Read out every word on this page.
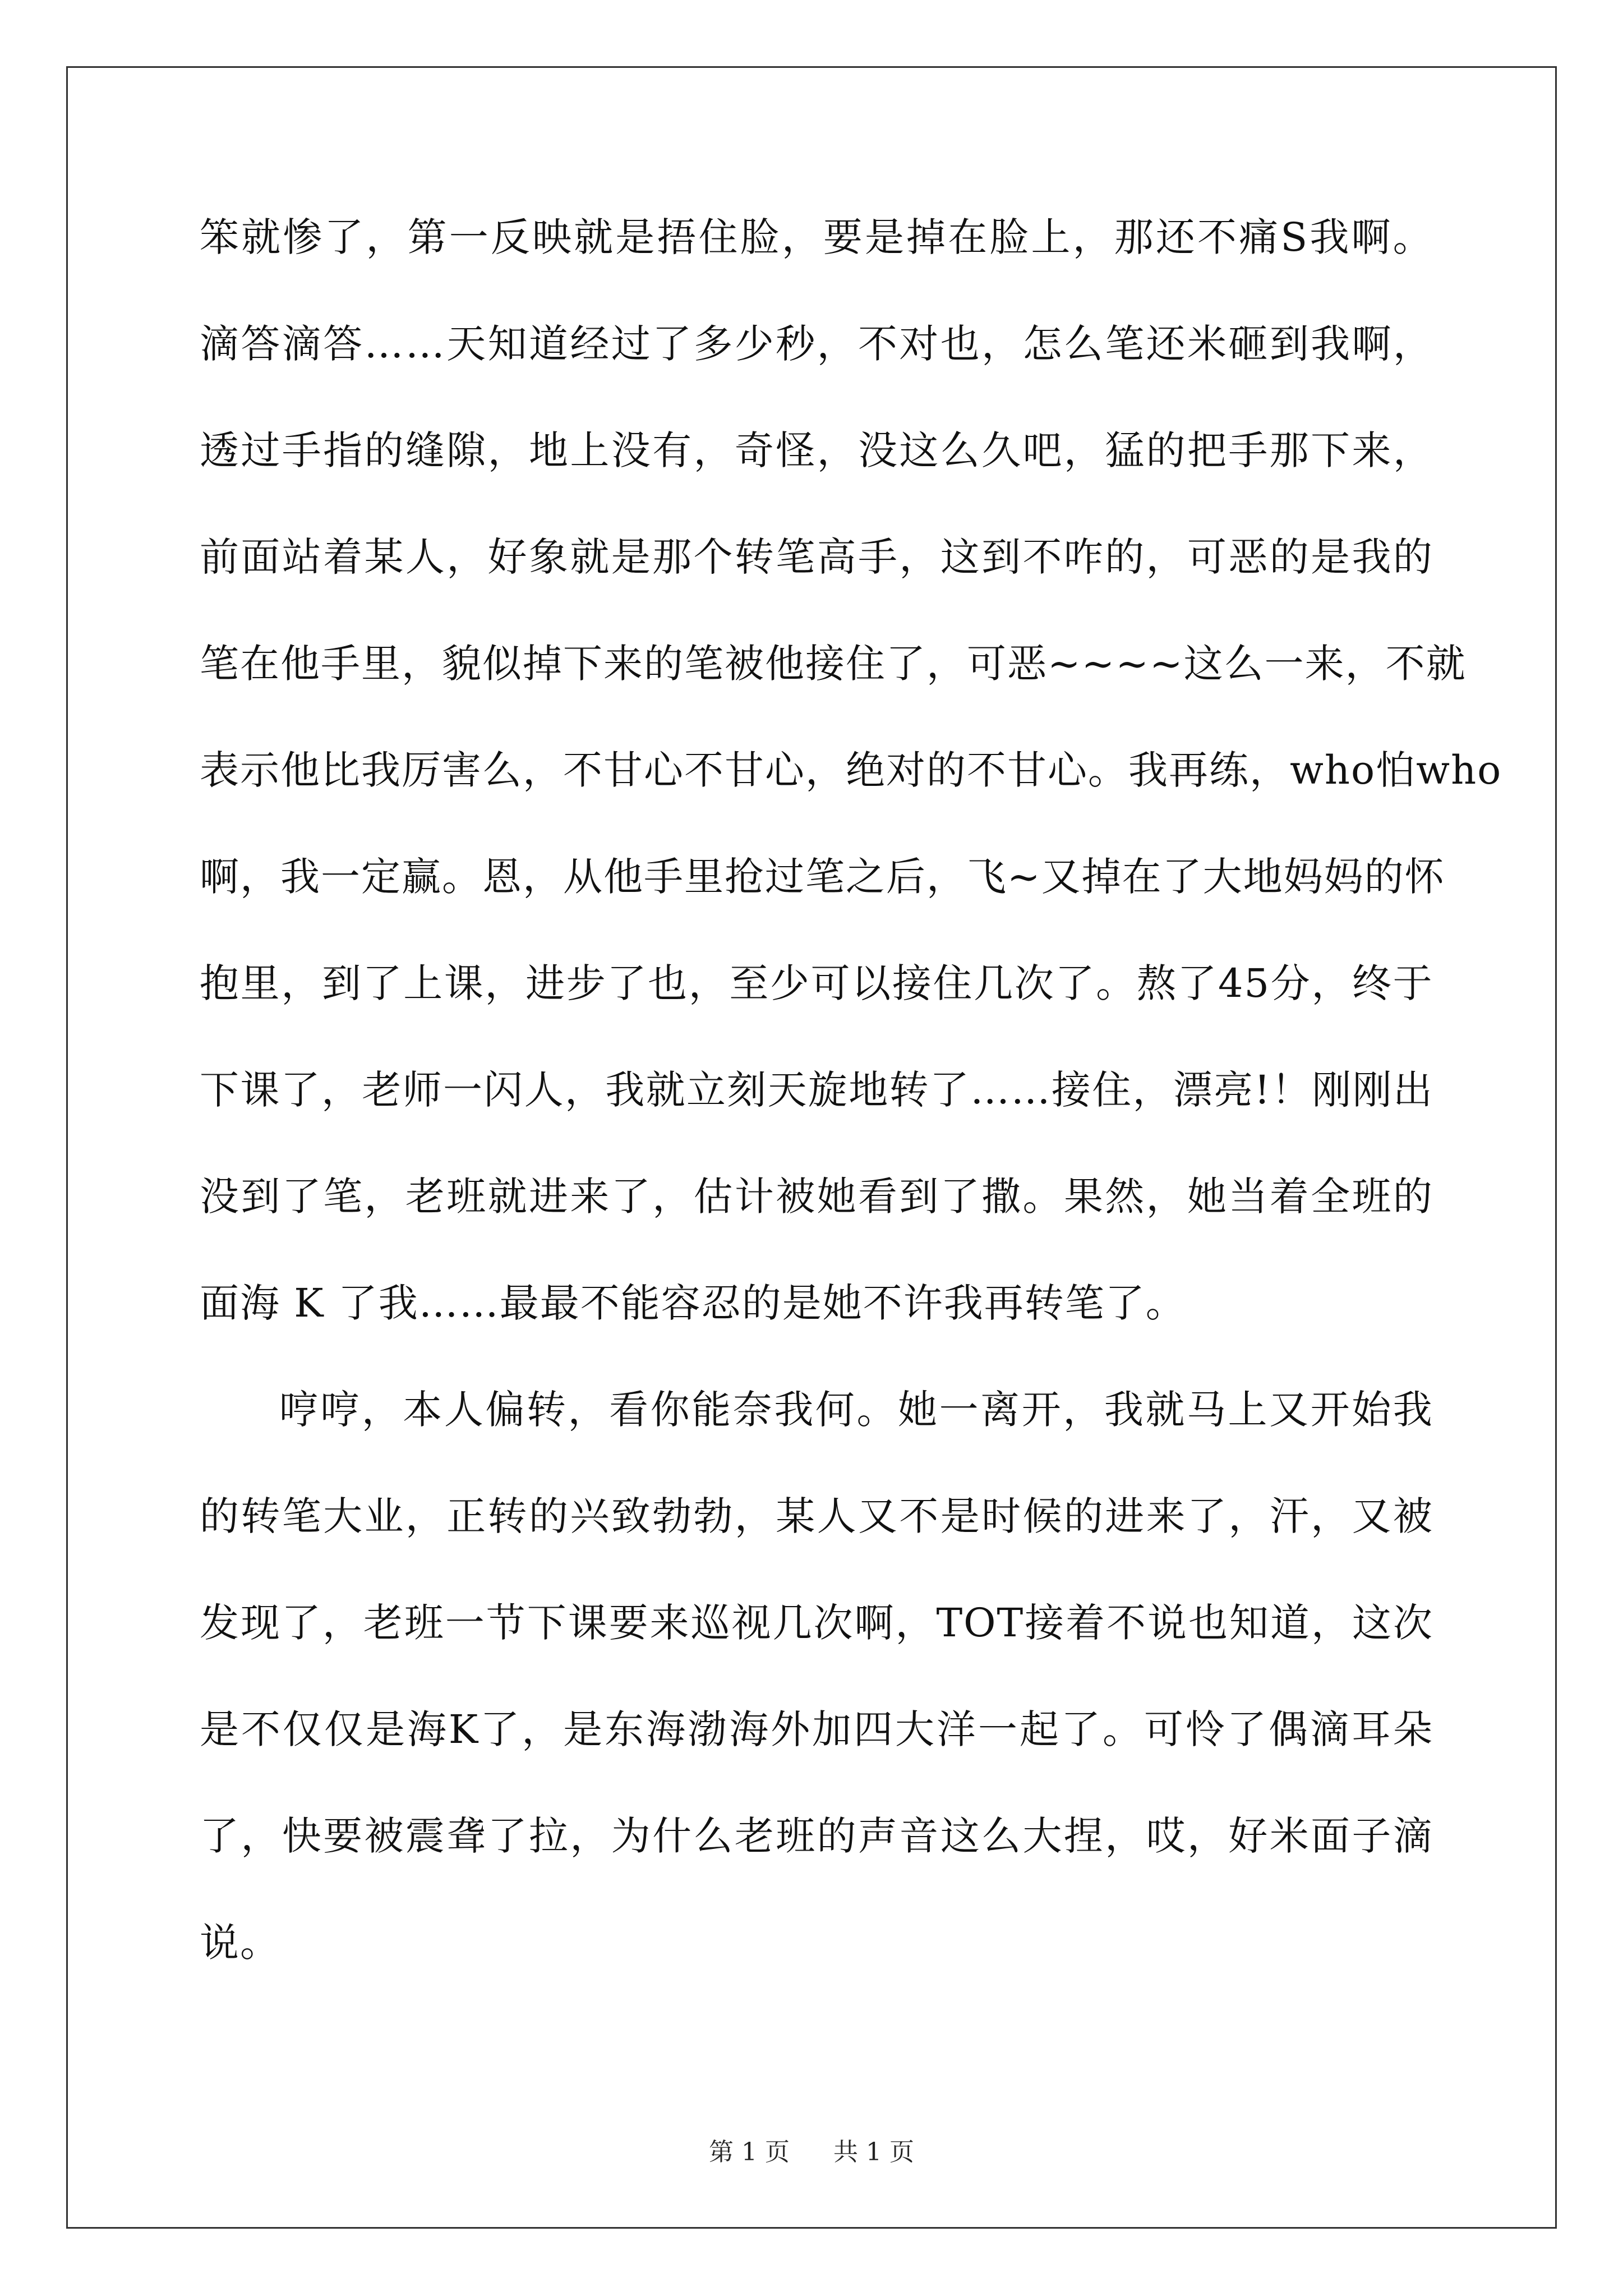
笨 就 惨 了 ， 第 一 反 映 就 是 捂 住 脸 ， 要 是 掉 在 脸 上 ， 那 还 不 痛 S 我 啊 。
滴 答 滴 答 … … 天 知 道 经 过 了 多 少 秒 ， 不 对 也 ， 怎 么 笔 还 米 砸 到 我 啊 ，
透 过 手 指 的 缝 隙 ， 地 上 没 有 ， 奇 怪 ， 没 这 么 久 吧 ， 猛 的 把 手 那 下 来 ，
前 面 站 着 某 人 ， 好 象 就 是 那 个 转 笔 高 手 ， 这 到 不 咋 的 ， 可 恶 的 是 我 的
笔 在 他 手 里 ， 貌 似 掉 下 来 的 笔 被 他 接 住 了 ， 可 恶 ~ ~ ~ ~ 这 么 一 来 ， 不 就
表 示 他 比 我 厉 害 么 ， 不 甘 心 不 甘 心 ， 绝 对 的 不 甘 心 。 我 再 练 ， who 怕 who
啊 ， 我 一 定 赢 。 恩 ， 从 他 手 里 抢 过 笔 之 后 ， 飞 ~ 又 掉 在 了 大 地 妈 妈 的 怀
抱 里 ， 到 了 上 课 ， 进 步 了 也 ， 至 少 可 以 接 住 几 次 了 。 熬 了 45 分 ， 终 于
下 课 了 ， 老 师 一 闪 人 ， 我 就 立 刻 天 旋 地 转 了 … … 接 住 ， 漂 亮 ! ！ 刚 刚 出
没 到 了 笔 ， 老 班 就 进 来 了 ， 估 计 被 她 看 到 了 撒 。 果 然 ， 她 当 着 全 班 的
面海 K 了我……最最不能容忍的是她不许我再转笔了。
哼 哼 ， 本 人 偏 转 ， 看 你 能 奈 我 何 。 她 一 离 开 ， 我 就 马 上 又 开 始 我
的 转 笔 大 业 ， 正 转 的 兴 致 勃 勃 ， 某 人 又 不 是 时 候 的 进 来 了 ， 汗 ， 又 被
发 现 了 ， 老 班 一 节 下 课 要 来 巡 视 几 次 啊 ， TOT 接 着 不 说 也 知 道 ， 这 次
是 不 仅 仅 是 海 K 了 ， 是 东 海 渤 海 外 加 四 大 洋 一 起 了 。 可 怜 了 偶 滴 耳 朵
了 ， 快 要 被 震 聋 了 拉 ， 为 什 么 老 班 的 声 音 这 么 大 捏 ， 哎 ， 好 米 面 子 滴
说。
第 1 页 共 1 页
